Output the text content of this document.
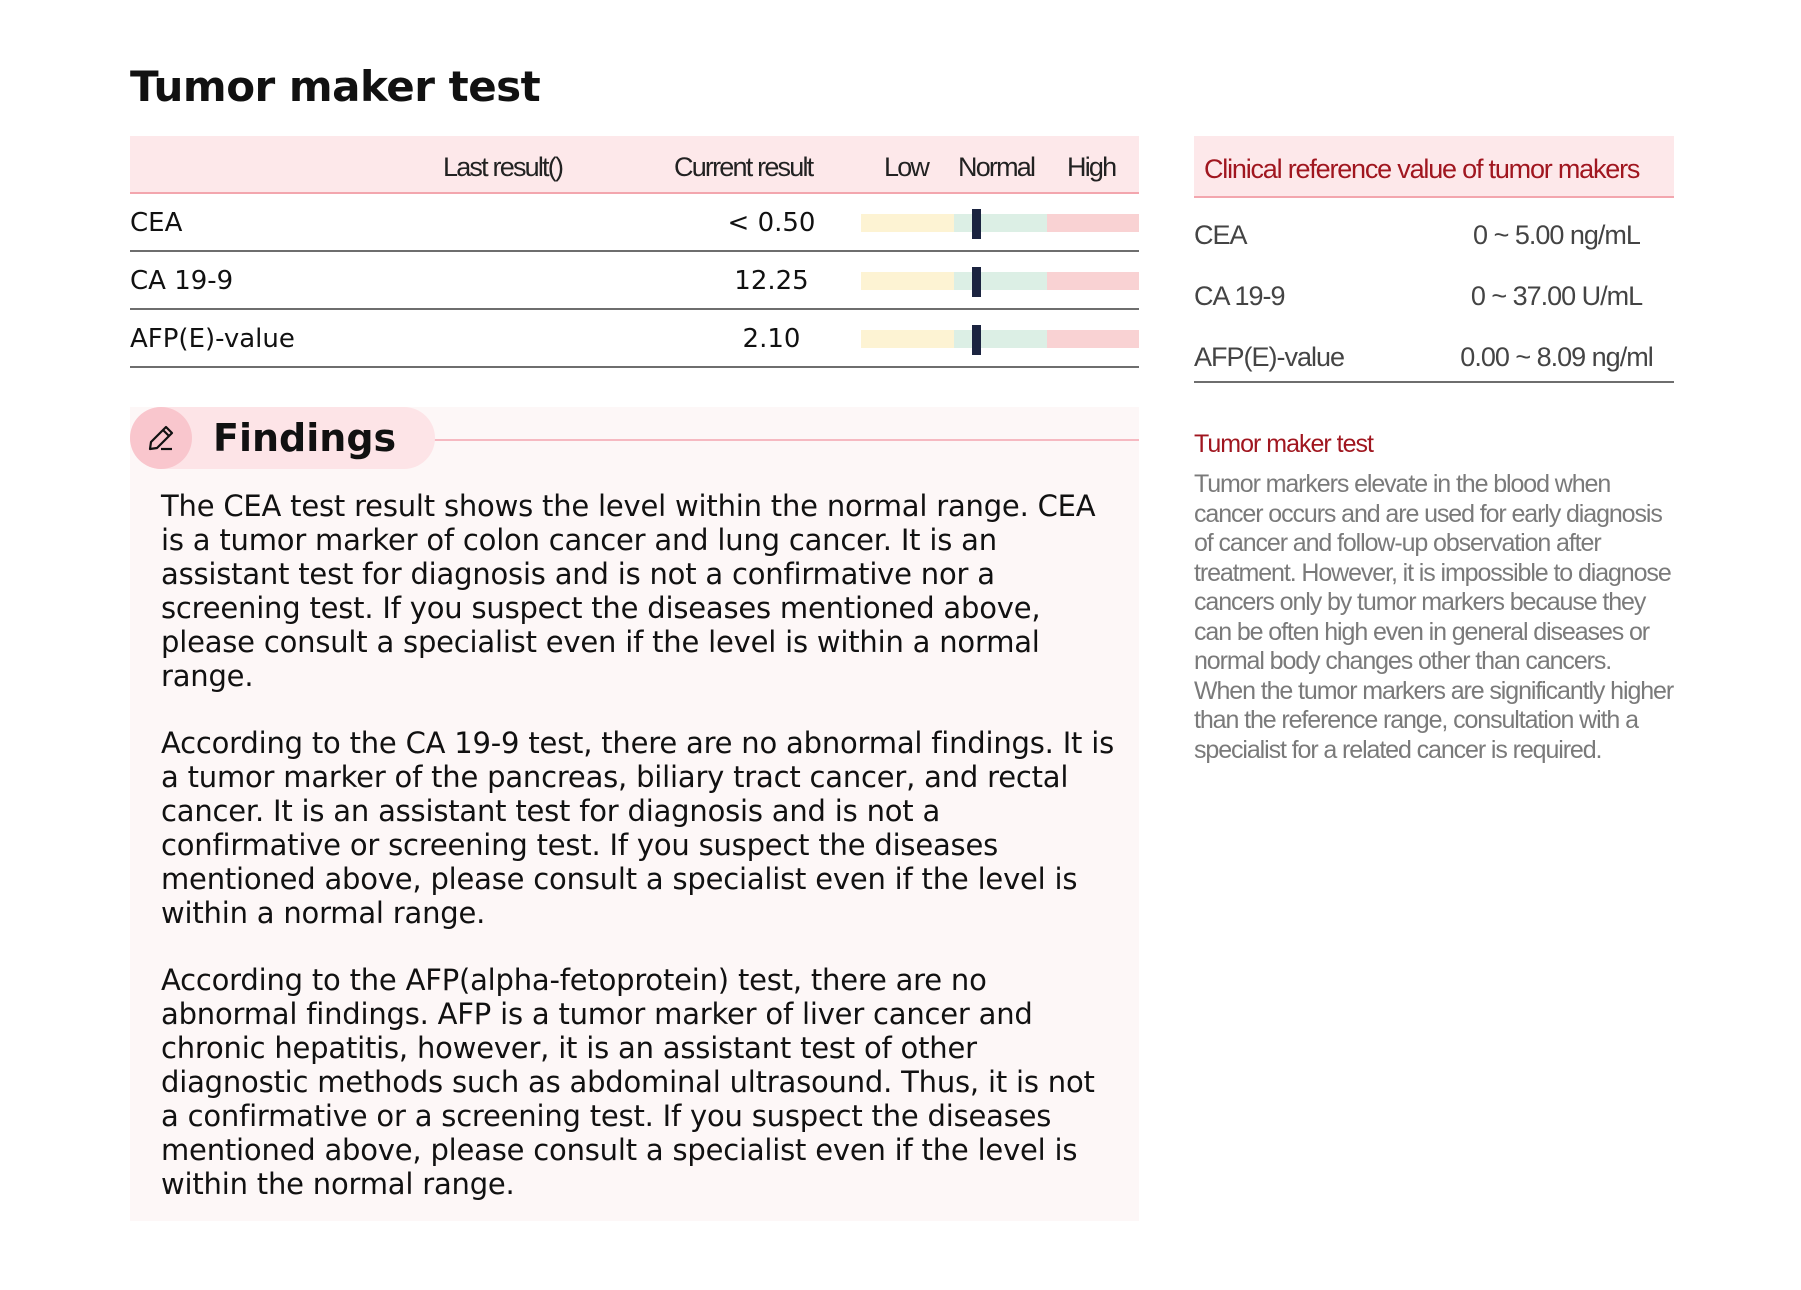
Tumor maker test
Last result()	Current result	Low Normal High
CEA	< 0.50
CA 19-9	12.25
AFP(E)-value	2.10
Findings

The CEA test result shows the level within the normal range. CEA is a tumor marker of colon cancer and lung cancer. It is an assistant test for diagnosis and is not a confirmative nor a screening test. If you suspect the diseases mentioned above, please consult a specialist even if the level is within a normal range.

According to the CA 19-9 test, there are no abnormal findings. It is a tumor marker of the pancreas, biliary tract cancer, and rectal cancer. It is an assistant test for diagnosis and is not a confirmative or screening test. If you suspect the diseases mentioned above, please consult a specialist even if the level is within a normal range.

According to the AFP(alpha-fetoprotein) test, there are no abnormal findings. AFP is a tumor marker of liver cancer and chronic hepatitis, however, it is an assistant test of other diagnostic methods such as abdominal ultrasound. Thus, it is not a confirmative or a screening test. If you suspect the diseases mentioned above, please consult a specialist even if the level is within the normal range.

Clinical reference value of tumor makers
CEA	0 ~ 5.00 ng/mL
CA 19-9	0 ~ 37.00 U/mL
AFP(E)-value	0.00 ~ 8.09 ng/ml
Tumor maker test

Tumor markers elevate in the blood when cancer occurs and are used for early diagnosis of cancer and follow-up observation after treatment. However, it is impossible to diagnose cancers only by tumor markers because they can be often high even in general diseases or normal body changes other than cancers. When the tumor markers are significantly higher than the reference range, consultation with a specialist for a related cancer is required.
